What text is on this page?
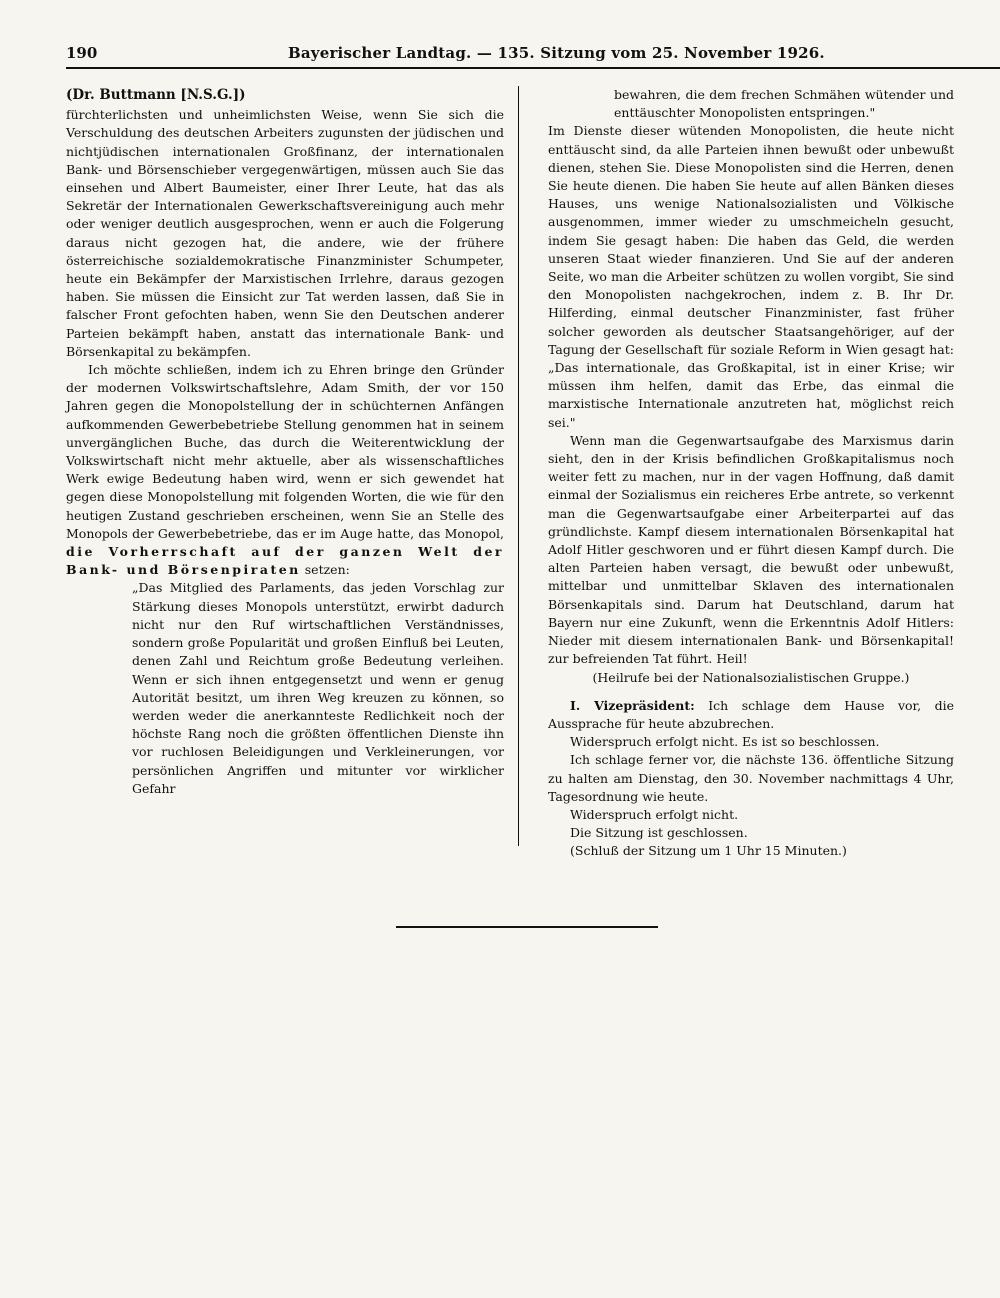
190	Bayerischer Landtag. — 135. Sitzung vom 25. November 1926.

(Dr. Buttmann [N.S.G.])

fürchterlichsten und unheimlichsten Weise, wenn Sie sich die Verschuldung des deutschen Arbeiters zugunsten der jüdischen und nichtjüdischen internationalen Großfinanz, der internationalen Bank- und Börsenschieber vergegenwärtigen, müssen auch Sie das einsehen und Albert Baumeister, einer Ihrer Leute, hat das als Sekretär der Internationalen Gewerkschaftsvereinigung auch mehr oder weniger deutlich ausgesprochen, wenn er auch die Folgerung daraus nicht gezogen hat, die andere, wie der frühere österreichische sozialdemokratische Finanzminister Schumpeter, heute ein Bekämpfer der Marxistischen Irrlehre, daraus gezogen haben. Sie müssen die Einsicht zur Tat werden lassen, daß Sie in falscher Front gefochten haben, wenn Sie den Deutschen anderer Parteien bekämpft haben, anstatt das internationale Bank- und Börsenkapital zu bekämpfen.

Ich möchte schließen, indem ich zu Ehren bringe den Gründer der modernen Volkswirtschaftslehre, Adam Smith, der vor 150 Jahren gegen die Monopolstellung der in schüchternen Anfängen aufkommenden Gewerbebetriebe Stellung genommen hat in seinem unvergänglichen Buche, das durch die Weiterentwicklung der Volkswirtschaft nicht mehr aktuelle, aber als wissenschaftliches Werk ewige Bedeutung haben wird, wenn er sich gewendet hat gegen diese Monopolstellung mit folgenden Worten, die wie für den heutigen Zustand geschrieben erscheinen, wenn Sie an Stelle des Monopols der Gewerbebetriebe, das er im Auge hatte, das Monopol, die Vorherrschaft auf der ganzen Welt der Bank- und Börsenpiraten setzen:

„Das Mitglied des Parlaments, das jeden Vorschlag zur Stärkung dieses Monopols unterstützt, erwirbt dadurch nicht nur den Ruf wirtschaftlichen Verständnisses, sondern große Popularität und großen Einfluß bei Leuten, denen Zahl und Reichtum große Bedeutung verleihen. Wenn er sich ihnen entgegensetzt und wenn er genug Autorität besitzt, um ihren Weg kreuzen zu können, so werden weder die anerkannteste Redlichkeit noch der höchste Rang noch die größten öffentlichen Dienste ihn vor ruchlosen Beleidigungen und Verkleinerungen, vor persönlichen Angriffen und mitunter vor wirklicher Gefahr

bewahren, die dem frechen Schmähen wütender und enttäuschter Monopolisten entspringen."

Im Dienste dieser wütenden Monopolisten, die heute nicht enttäuscht sind, da alle Parteien ihnen bewußt oder unbewußt dienen, stehen Sie. Diese Monopolisten sind die Herren, denen Sie heute dienen. Die haben Sie heute auf allen Bänken dieses Hauses, uns wenige Nationalsozialisten und Völkische ausgenommen, immer wieder zu umschmeicheln gesucht, indem Sie gesagt haben: Die haben das Geld, die werden unseren Staat wieder finanzieren. Und Sie auf der anderen Seite, wo man die Arbeiter schützen zu wollen vorgibt, Sie sind den Monopolisten nachgekrochen, indem z. B. Ihr Dr. Hilferding, einmal deutscher Finanzminister, fast früher solcher geworden als deutscher Staatsangehöriger, auf der Tagung der Gesellschaft für soziale Reform in Wien gesagt hat: „Das internationale, das Großkapital, ist in einer Krise; wir müssen ihm helfen, damit das Erbe, das einmal die marxistische Internationale anzutreten hat, möglichst reich sei."

Wenn man die Gegenwartsaufgabe des Marxismus darin sieht, den in der Krisis befindlichen Großkapitalismus noch weiter fett zu machen, nur in der vagen Hoffnung, daß damit einmal der Sozialismus ein reicheres Erbe antrete, so verkennt man die Gegenwartsaufgabe einer Arbeiterpartei auf das gründlichste. Kampf diesem internationalen Börsenkapital hat Adolf Hitler geschworen und er führt diesen Kampf durch. Die alten Parteien haben versagt, die bewußt oder unbewußt, mittelbar und unmittelbar Sklaven des internationalen Börsenkapitals sind. Darum hat Deutschland, darum hat Bayern nur eine Zukunft, wenn die Erkenntnis Adolf Hitlers: Nieder mit diesem internationalen Bank- und Börsenkapital! zur befreienden Tat führt. Heil!

(Heilrufe bei der Nationalsozialistischen Gruppe.)

I. Vizepräsident: Ich schlage dem Hause vor, die Aussprache für heute abzubrechen.

Widerspruch erfolgt nicht. Es ist so beschlossen.

Ich schlage ferner vor, die nächste 136. öffentliche Sitzung zu halten am Dienstag, den 30. November nachmittags 4 Uhr, Tagesordnung wie heute.

Widerspruch erfolgt nicht.

Die Sitzung ist geschlossen.

(Schluß der Sitzung um 1 Uhr 15 Minuten.)
